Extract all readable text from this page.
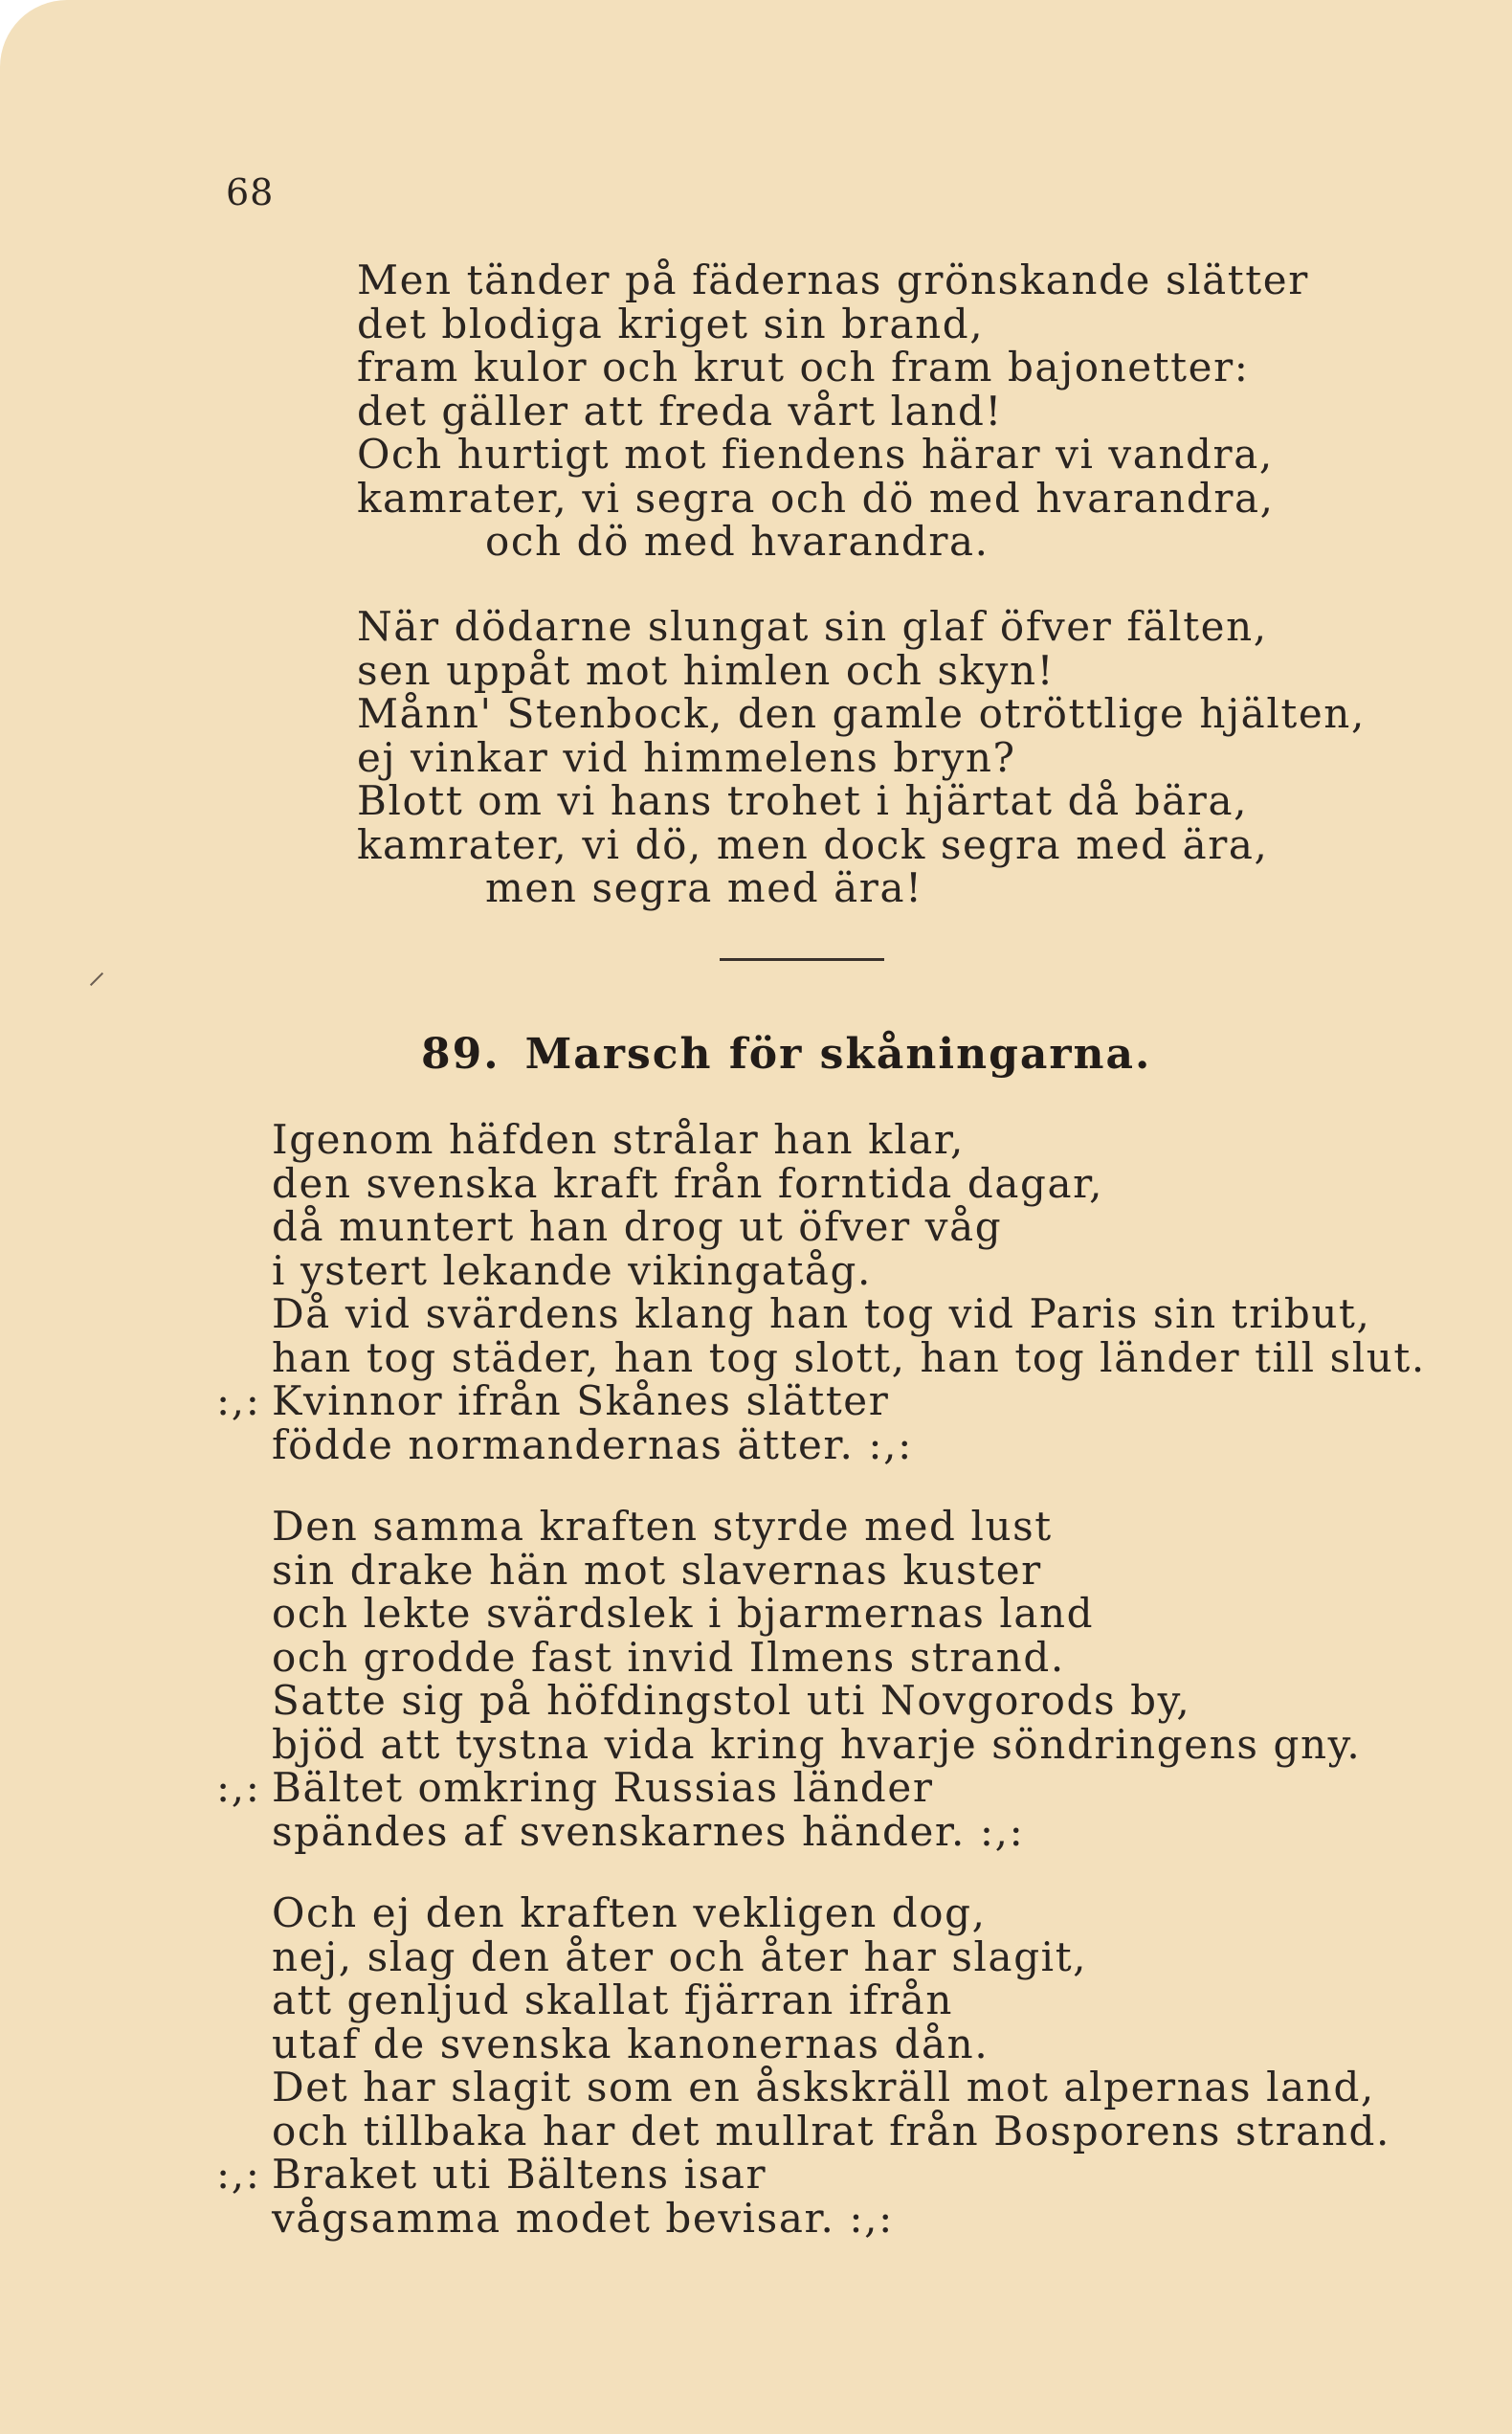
68
Men tänder på fädernas grönskande slätter
det blodiga kriget sin brand,
fram kulor och krut och fram bajonetter:
det gäller att freda vårt land!
Och hurtigt mot fiendens härar vi vandra,
kamrater, vi segra och dö med hvarandra,
och dö med hvarandra.
När dödarne slungat sin glaf öfver fälten,
sen uppåt mot himlen och skyn!
Månn' Stenbock, den gamle otröttlige hjälten,
ej vinkar vid himmelens bryn?
Blott om vi hans trohet i hjärtat då bära,
kamrater, vi dö, men dock segra med ära,
men segra med ära!
89. Marsch för skåningarna.
Igenom häfden strålar han klar,
den svenska kraft från forntida dagar,
då muntert han drog ut öfver våg
i ystert lekande vikingatåg.
Då vid svärdens klang han tog vid Paris sin tribut,
han tog städer, han tog slott, han tog länder till slut.
:,: Kvinnor ifrån Skånes slätter
födde normandernas ätter. :,:
Den samma kraften styrde med lust
sin drake hän mot slavernas kuster
och lekte svärdslek i bjarmernas land
och grodde fast invid Ilmens strand.
Satte sig på höfdingstol uti Novgorods by,
bjöd att tystna vida kring hvarje söndringens gny.
:,: Bältet omkring Russias länder
spändes af svenskarnes händer. :,:
Och ej den kraften vekligen dog,
nej, slag den åter och åter har slagit,
att genljud skallat fjärran ifrån
utaf de svenska kanonernas dån.
Det har slagit som en åskskräll mot alpernas land,
och tillbaka har det mullrat från Bosporens strand.
:,: Braket uti Bältens isar
vågsamma modet bevisar. :,:
